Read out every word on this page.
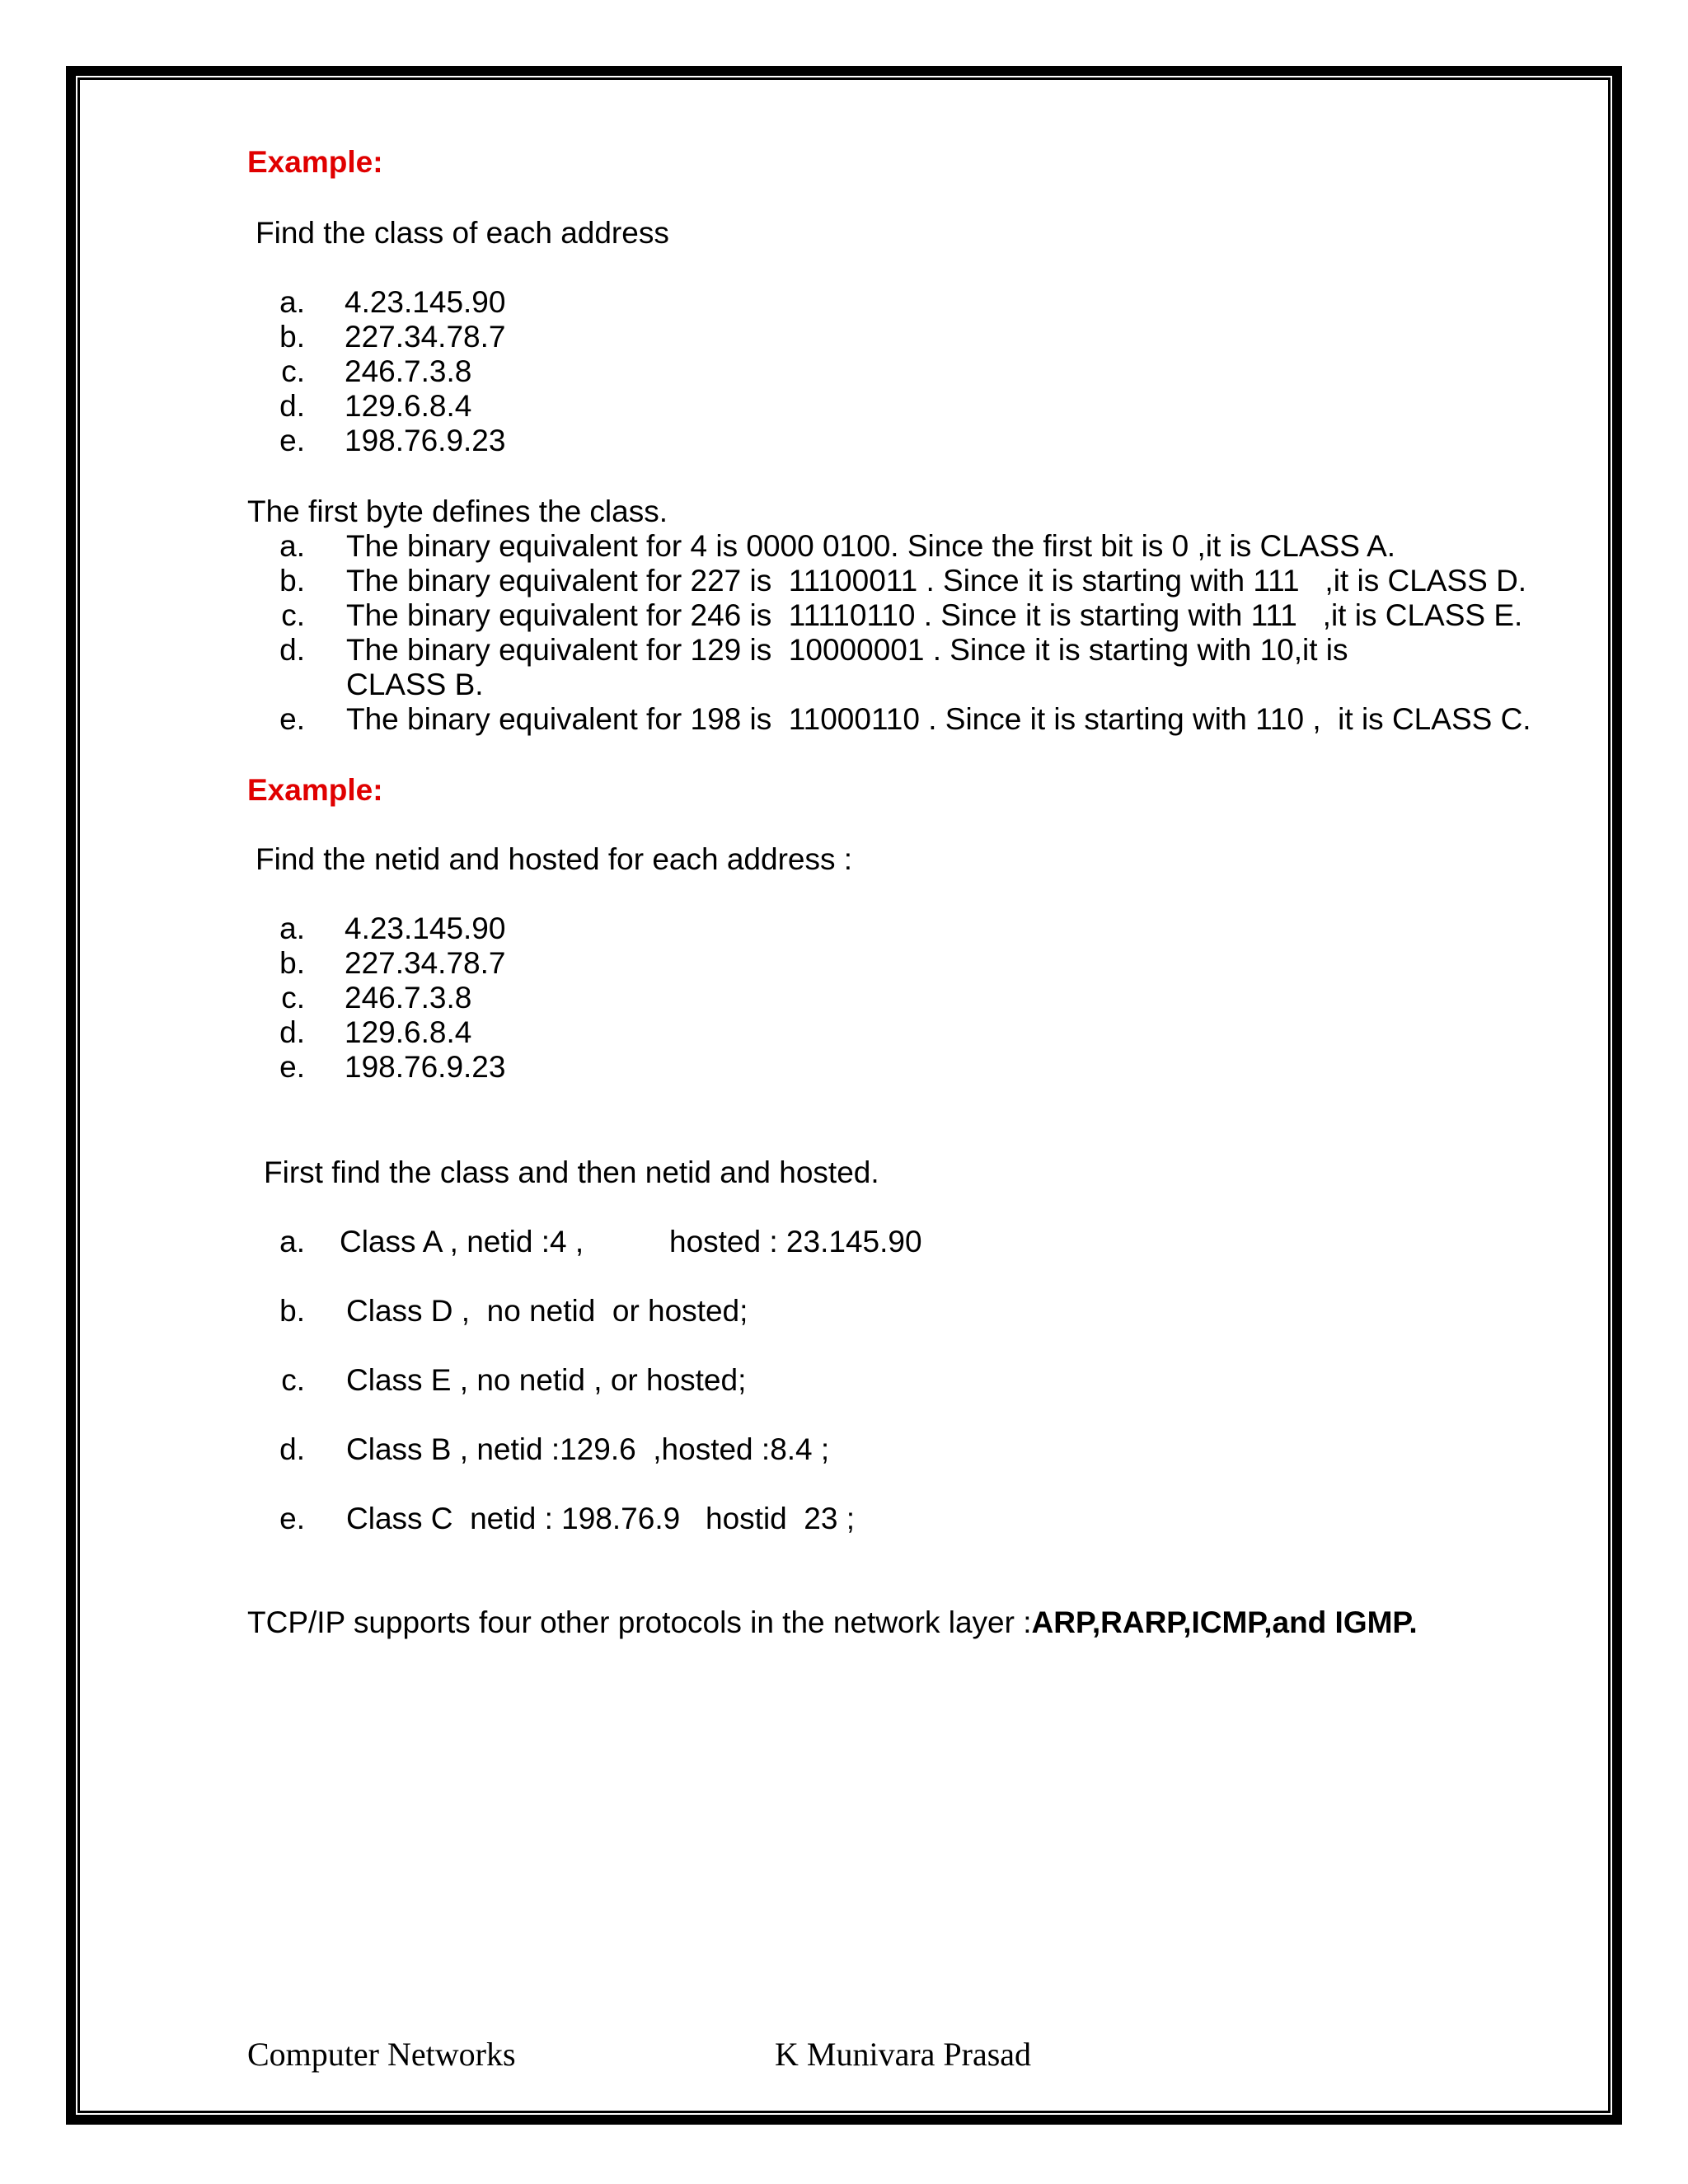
Example:
Find the class of each address
a. 4.23.145.90
b. 227.34.78.7
c. 246.7.3.8
d. 129.6.8.4
e. 198.76.9.23
The first byte defines the class.
a. The binary equivalent for 4 is 0000 0100. Since the first bit is 0 ,it is CLASS A.
b. The binary equivalent for 227 is  11100011 . Since it is starting with 111   ,it is CLASS D.
c. The binary equivalent for 246 is  11110110 . Since it is starting with 111   ,it is CLASS E.
d. The binary equivalent for 129 is  10000001 . Since it is starting with 10,it is
CLASS B.
e. The binary equivalent for 198 is  11000110 . Since it is starting with 110 ,  it is CLASS C.
Example:
Find the netid and hosted for each address :
a. 4.23.145.90
b. 227.34.78.7
c. 246.7.3.8
d. 129.6.8.4
e. 198.76.9.23
First find the class and then netid and hosted.
a. Class A , netid :4 ,	hosted : 23.145.90
b. Class D ,  no netid  or hosted;
c. Class E , no netid , or hosted;
d. Class B , netid :129.6  ,hosted :8.4 ;
e. Class C  netid : 198.76.9   hostid  23 ;
TCP/IP supports four other protocols in the network layer :ARP,RARP,ICMP,and IGMP.
Computer Networks	K Munivara Prasad
